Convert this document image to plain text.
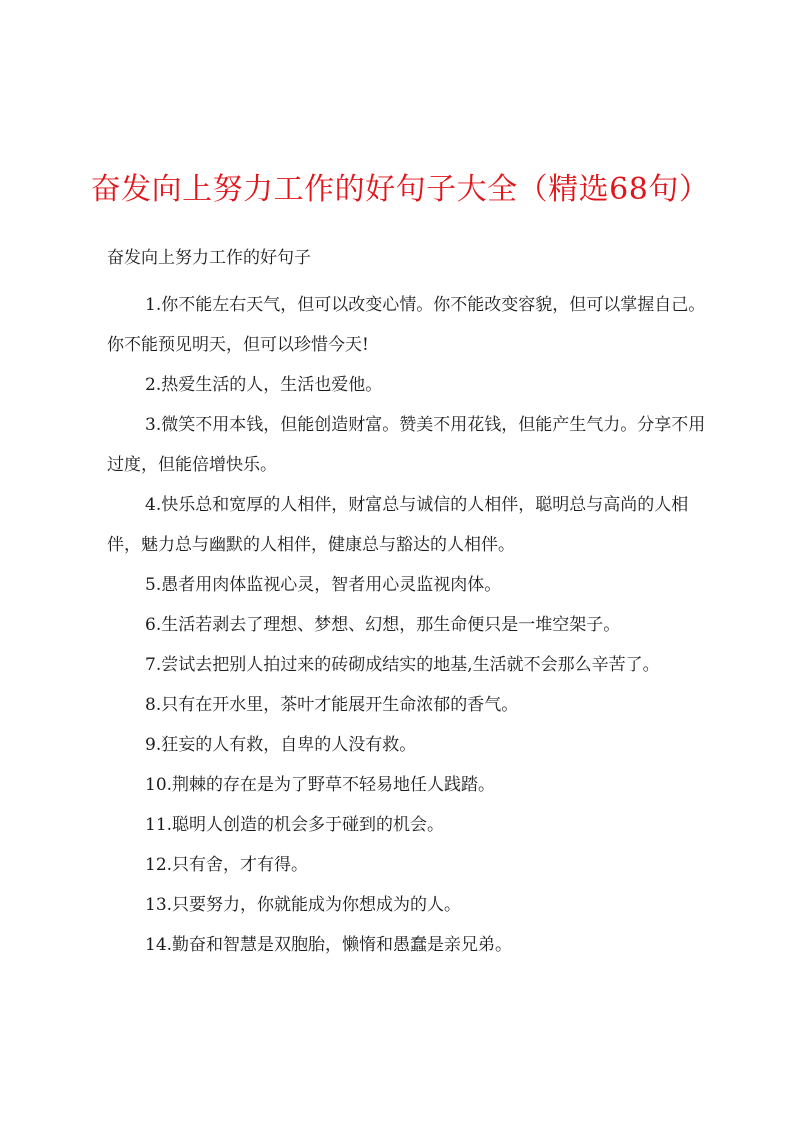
奋发向上努力工作的好句子大全（精选68句）

奋发向上努力工作的好句子

1.你不能左右天气，但可以改变心情。你不能改变容貌，但可以掌握自己。你不能预见明天，但可以珍惜今天!
2.热爱生活的人，生活也爱他。
3.微笑不用本钱，但能创造财富。赞美不用花钱，但能产生气力。分享不用过度，但能倍增快乐。
4.快乐总和宽厚的人相伴，财富总与诚信的人相伴，聪明总与高尚的人相伴，魅力总与幽默的人相伴，健康总与豁达的人相伴。
5.愚者用肉体监视心灵，智者用心灵监视肉体。
6.生活若剥去了理想、梦想、幻想，那生命便只是一堆空架子。
7.尝试去把别人拍过来的砖砌成结实的地基,生活就不会那么辛苦了。
8.只有在开水里，茶叶才能展开生命浓郁的香气。
9.狂妄的人有救，自卑的人没有救。
10.荆棘的存在是为了野草不轻易地任人践踏。
11.聪明人创造的机会多于碰到的机会。
12.只有舍，才有得。
13.只要努力，你就能成为你想成为的人。
14.勤奋和智慧是双胞胎，懒惰和愚蠢是亲兄弟。
